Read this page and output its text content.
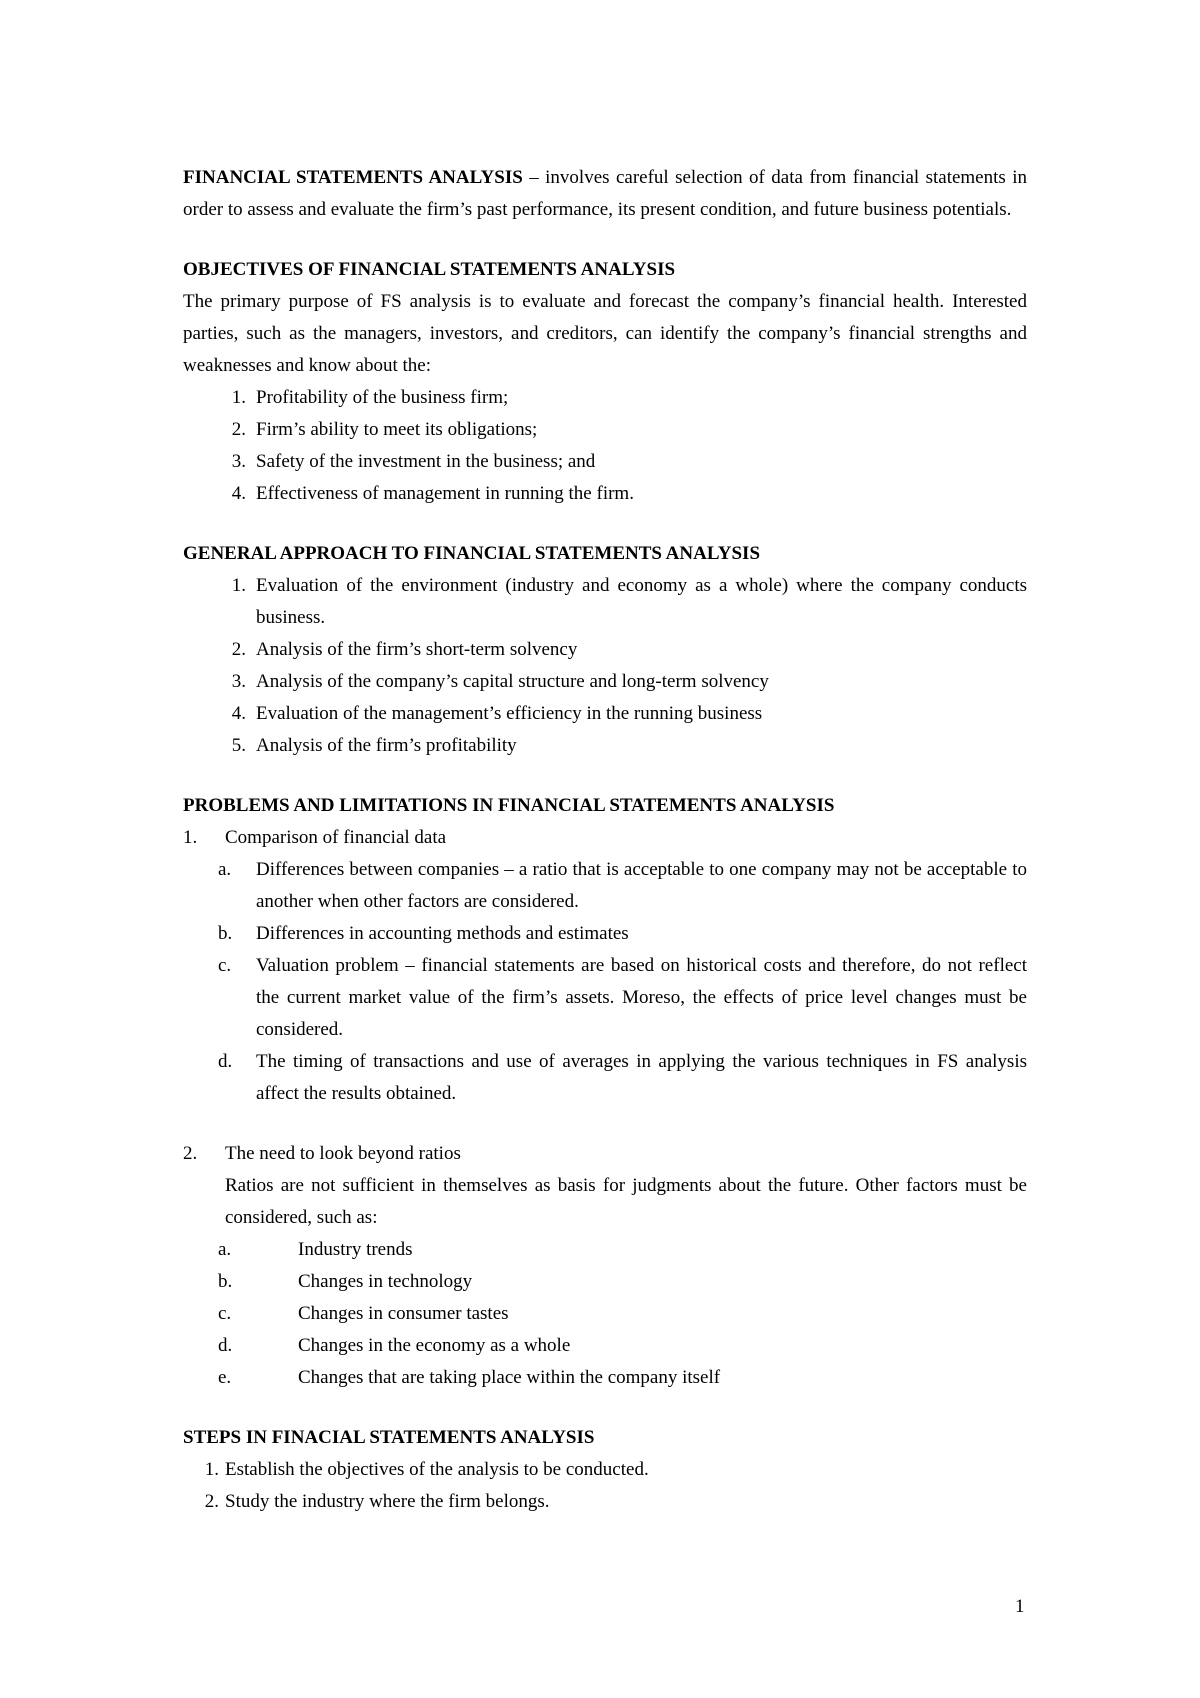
FINANCIAL STATEMENTS ANALYSIS – involves careful selection of data from financial statements in order to assess and evaluate the firm’s past performance, its present condition, and future business potentials.

OBJECTIVES OF FINANCIAL STATEMENTS ANALYSIS

The primary purpose of FS analysis is to evaluate and forecast the company’s financial health. Interested parties, such as the managers, investors, and creditors, can identify the company’s financial strengths and weaknesses and know about the:

1. Profitability of the business firm;
2. Firm’s ability to meet its obligations;
3. Safety of the investment in the business; and
4. Effectiveness of management in running the firm.

GENERAL APPROACH TO FINANCIAL STATEMENTS ANALYSIS

1. Evaluation of the environment (industry and economy as a whole) where the company conducts business.
2. Analysis of the firm’s short-term solvency
3. Analysis of the company’s capital structure and long-term solvency
4. Evaluation of the management’s efficiency in the running business
5. Analysis of the firm’s profitability

PROBLEMS AND LIMITATIONS IN FINANCIAL STATEMENTS ANALYSIS

1.	Comparison of financial data
a.	Differences between companies – a ratio that is acceptable to one company may not be acceptable to another when other factors are considered.
b.	Differences in accounting methods and estimates
c.	Valuation problem – financial statements are based on historical costs and therefore, do not reflect the current market value of the firm’s assets. Moreso, the effects of price level changes must be considered.
d.	The timing of transactions and use of averages in applying the various techniques in FS analysis affect the results obtained.
2.	The need to look beyond ratios

Ratios are not sufficient in themselves as basis for judgments about the future. Other factors must be considered, such as:

a.	Industry trends
b.	Changes in technology
c.	Changes in consumer tastes
d.	Changes in the economy as a whole
e.	Changes that are taking place within the company itself

STEPS IN FINACIAL STATEMENTS ANALYSIS

1. Establish the objectives of the analysis to be conducted.
2. Study the industry where the firm belongs.
1
